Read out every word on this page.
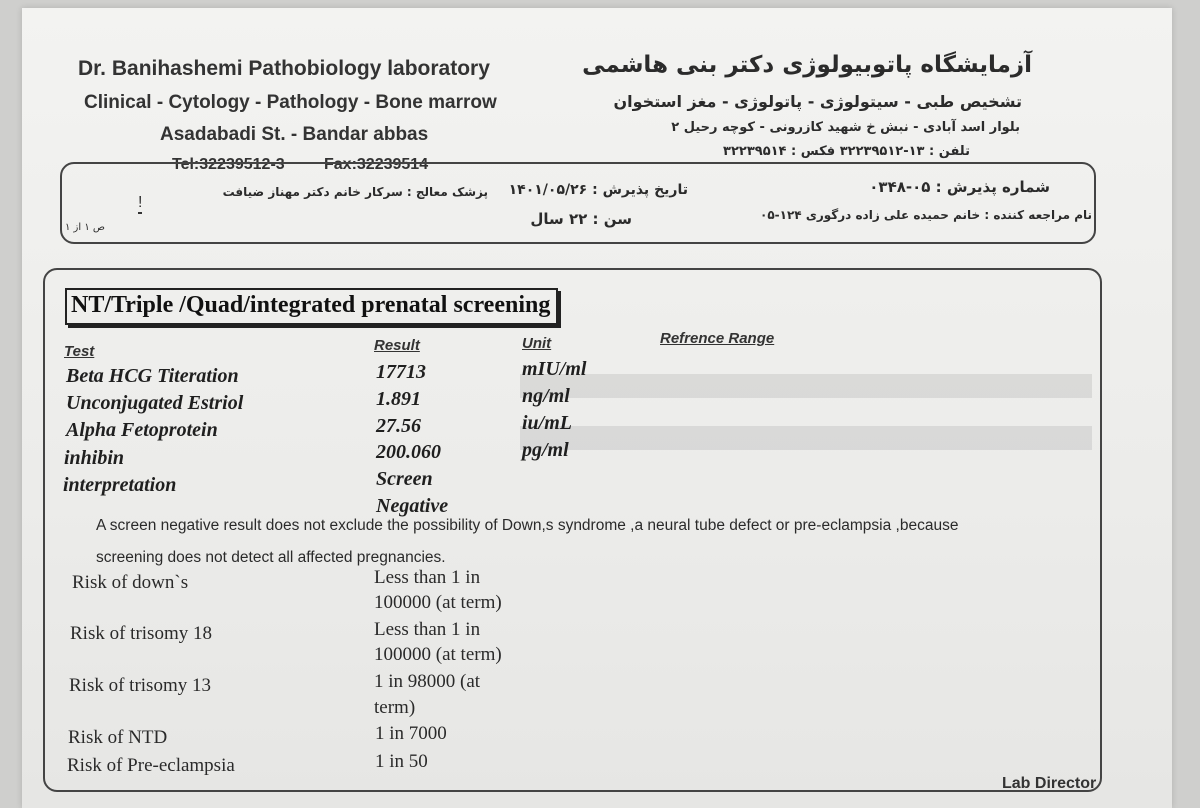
Dr. Banihashemi Pathobiology laboratory
Clinical - Cytology - Pathology - Bone marrow
Asadabadi St. - Bandar abbas
Tel:32239512-3 Fax:32239514
آزمایشگاه پاتوبیولوژی دکتر بنی هاشمی
تشخیص طبی - سیتولوژی - پاتولوژی - مغز استخوان
بلوار اسد آبادی - نبش خ شهید کازرونی - کوچه رحیل ۲
تلفن : ۱۳-۳۲۲۳۹۵۱۲ فکس : ۳۲۲۳۹۵۱۴
شماره پذیرش : ۰۵-۰۳۴۸
تاریخ پذیرش : ۱۴۰۱/۰۵/۲۶
پزشک معالج : سرکار خانم دکتر مهناز ضیافت
نام مراجعه کننده : خانم حمیده علی زاده درگوری ۱۲۴-۰۵
سن : ۲۲ سال
ص ۱ از ۱
!
NT/Triple /Quad/integrated prenatal screening
Test	Result	Unit	Refrence Range
Beta HCG Titeration	17713	mIU/ml
Unconjugated Estriol	1.891	ng/ml
Alpha Fetoprotein	27.56	iu/mL
inhibin	200.060	pg/ml
interpretation	Screen
Negative
A screen negative result does not exclude the possibility of Down,s syndrome ,a neural tube defect or pre-eclampsia ,because
screening does not detect all affected pregnancies.
Risk of down`s	Less than 1 in
100000 (at term)
Risk of trisomy 18	Less than 1 in
100000 (at term)
Risk of trisomy 13	1 in 98000 (at
term)
Risk of NTD	1 in 7000
Risk of Pre-eclampsia	1 in 50
Lab Director
